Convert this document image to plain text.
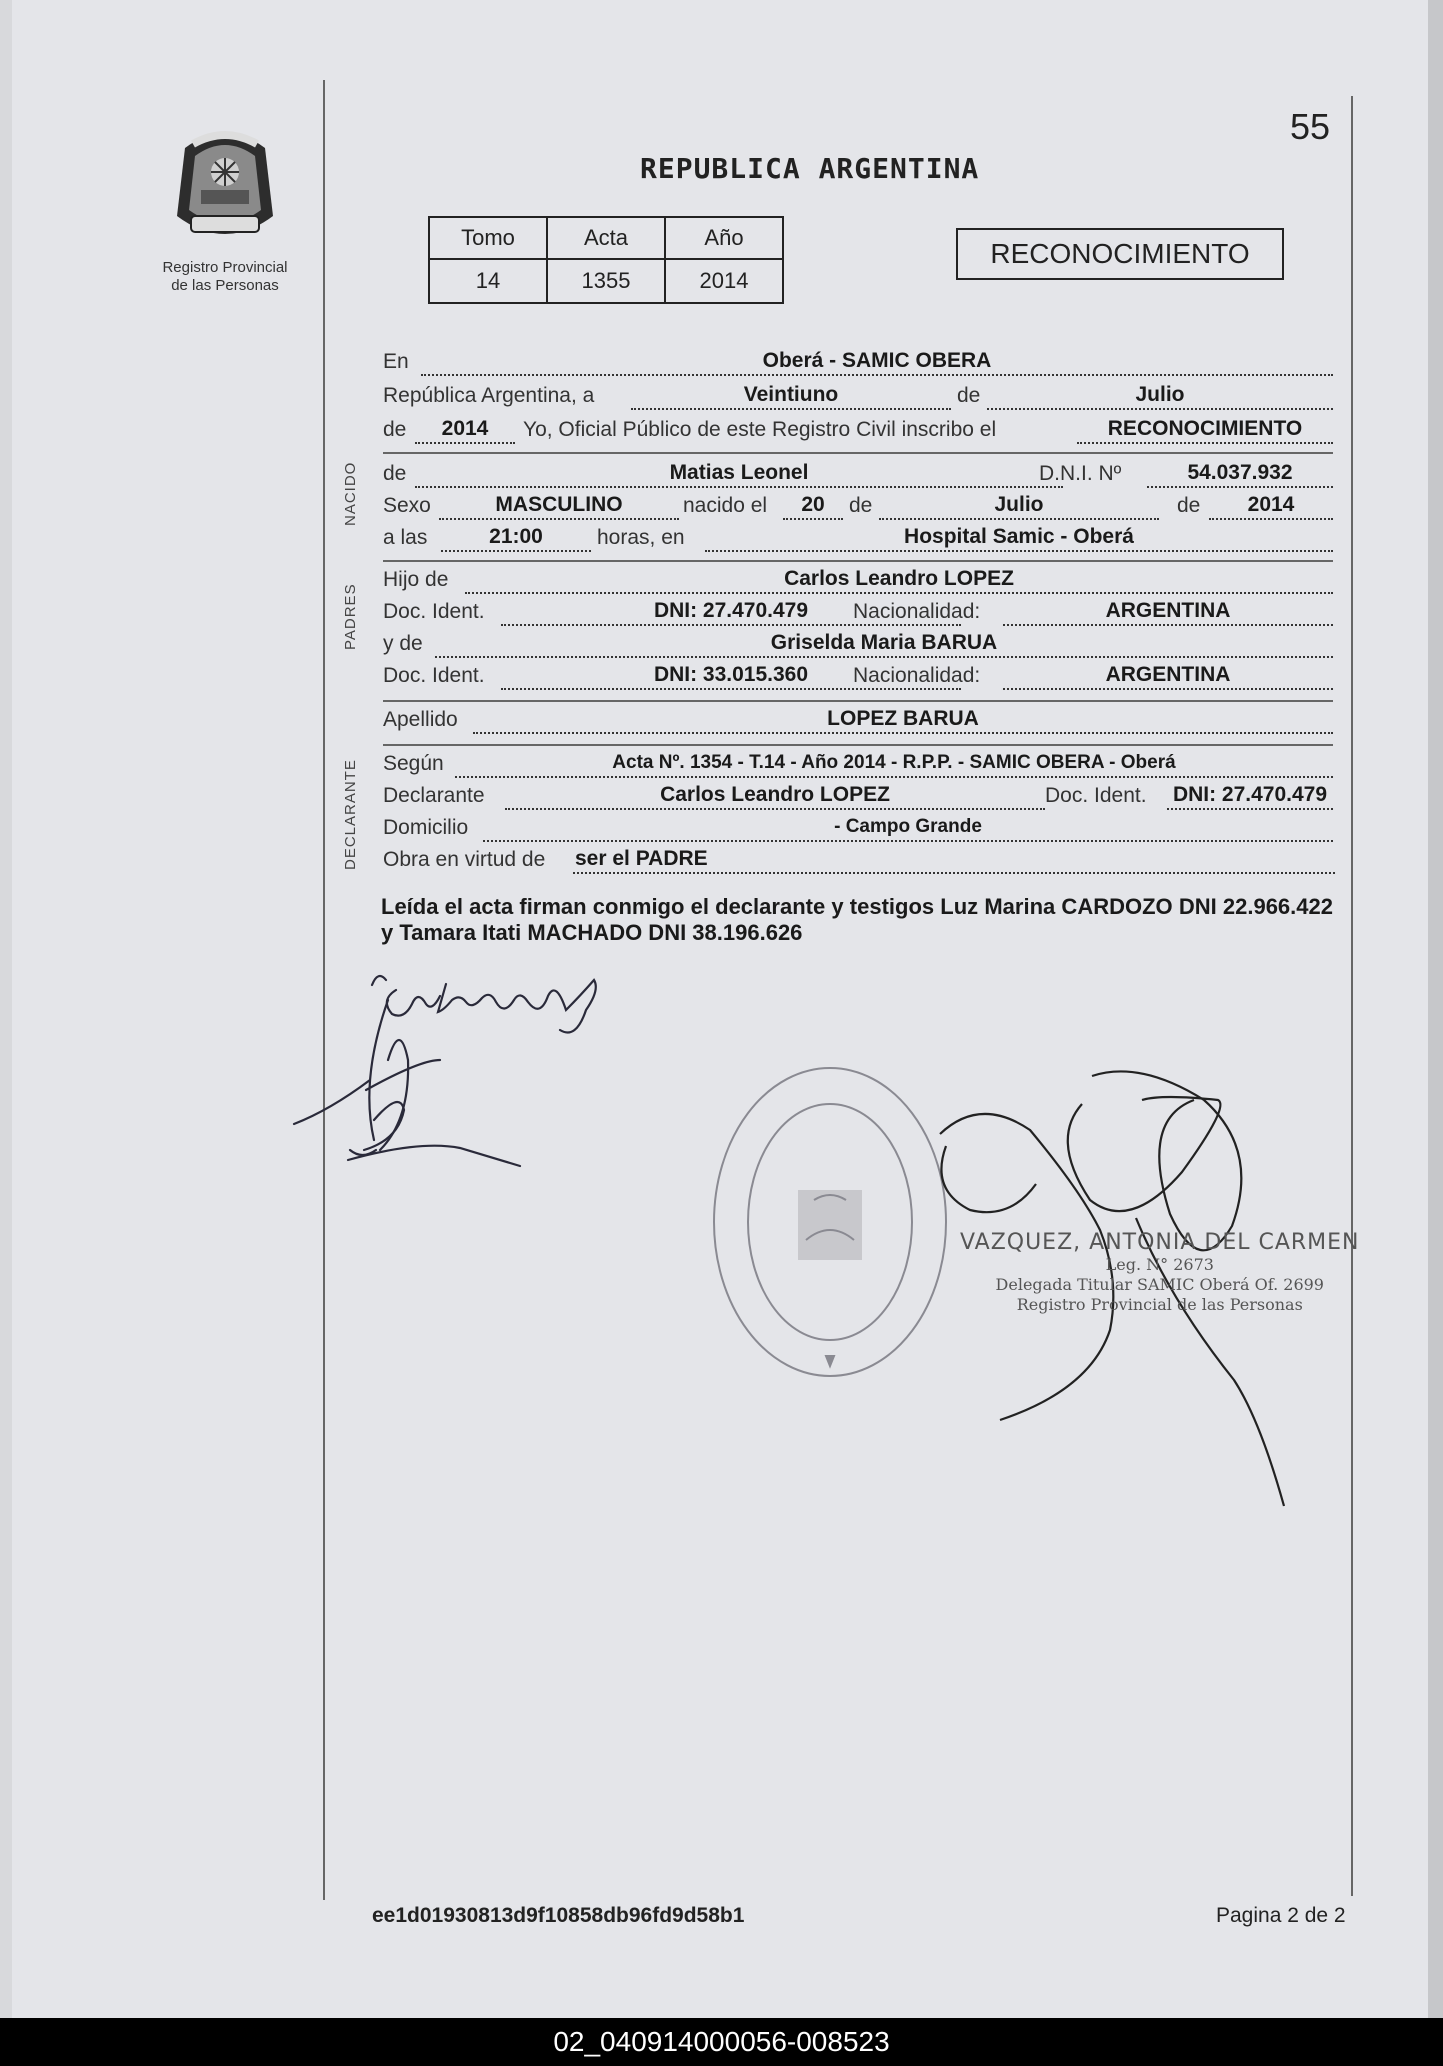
Registro Provincial
de las Personas
55
REPUBLICA ARGENTINA
Tomo	Acta	Año
14	1355	2014
RECONOCIMIENTO
En	Oberá - SAMIC OBERA
República Argentina, a	Veintiuno	de	Julio
de	2014	Yo, Oficial Público de este Registro Civil inscribo el	RECONOCIMIENTO
NACIDO de	Matias Leonel	D.N.I. Nº	54.037.932
Sexo	MASCULINO	nacido el	20	de	Julio	de	2014
a las	21:00	horas, en	Hospital Samic - Oberá
PADRES
Hijo de	Carlos Leandro LOPEZ
Doc. Ident.	DNI: 27.470.479	Nacionalidad:	ARGENTINA
y de	Griselda Maria BARUA
Doc. Ident.	DNI: 33.015.360	Nacionalidad:	ARGENTINA
Apellido	LOPEZ BARUA
DECLARANTE Según	Acta Nº. 1354 - T.14 - Año 2014 - R.P.P. - SAMIC OBERA - Oberá
Declarante	Carlos Leandro LOPEZ	Doc. Ident. DNI: 27.470.479
Domicilio	- Campo Grande
Obra en virtud de ser el PADRE
Leída el acta firman conmigo el declarante y testigos Luz Marina CARDOZO DNI 22.966.422 y Tamara Itati MACHADO DNI 38.196.626
VAZQUEZ, ANTONIA DEL CARMEN
Leg. N° 2673
Delegada Titular SAMIC Oberá Of. 2699
Registro Provincial de las Personas
ee1d01930813d9f10858db96fd9d58b1	Pagina 2 de 2
02_040914000056-008523
